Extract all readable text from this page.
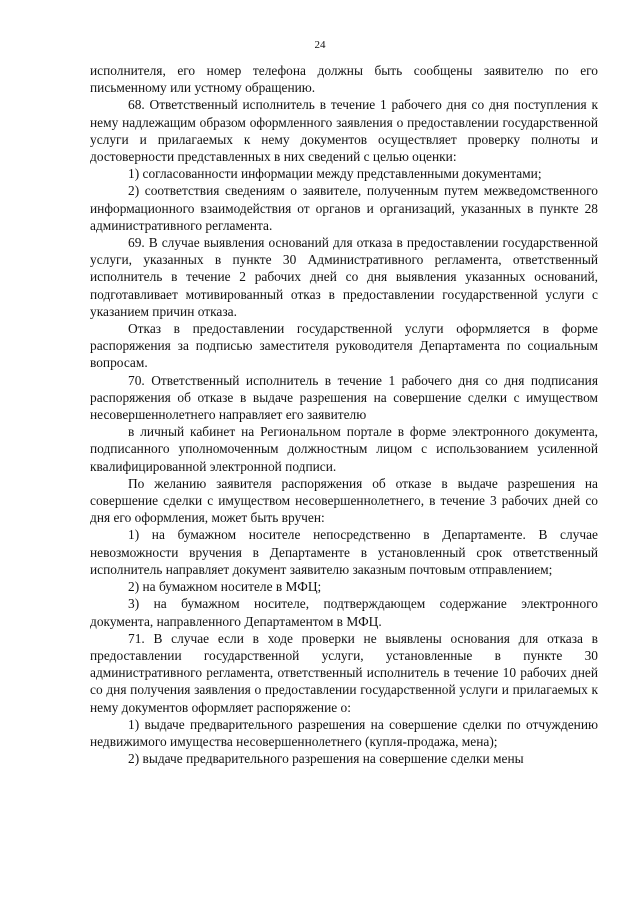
24

исполнителя, его номер телефона должны быть сообщены заявителю по его письменному или устному обращению.

68. Ответственный исполнитель в течение 1 рабочего дня со дня поступления к нему надлежащим образом оформленного заявления о предоставлении государственной услуги и прилагаемых к нему документов осуществляет проверку полноты и достоверности представленных в них сведений с целью оценки:

1) согласованности информации между представленными документами;

2) соответствия сведениям о заявителе, полученным путем межведомственного информационного взаимодействия от органов и организаций, указанных в пункте 28 административного регламента.

69. В случае выявления оснований для отказа в предоставлении государственной услуги, указанных в пункте 30 Административного регламента, ответственный исполнитель в течение 2 рабочих дней со дня выявления указанных оснований, подготавливает мотивированный отказ в предоставлении государственной услуги с указанием причин отказа.

Отказ в предоставлении государственной услуги оформляется в форме распоряжения за подписью заместителя руководителя Департамента по социальным вопросам.

70. Ответственный исполнитель в течение 1 рабочего дня со дня подписания распоряжения об отказе в выдаче разрешения на совершение сделки с имуществом несовершеннолетнего направляет его заявителю

в личный кабинет на Региональном портале в форме электронного документа, подписанного уполномоченным должностным лицом с использованием усиленной квалифицированной электронной подписи.

По желанию заявителя распоряжения об отказе в выдаче разрешения на совершение сделки с имуществом несовершеннолетнего, в течение 3 рабочих дней со дня его оформления, может быть вручен:

1) на бумажном носителе непосредственно в Департаменте. В случае невозможности вручения в Департаменте в установленный срок ответственный исполнитель направляет документ заявителю заказным почтовым отправлением;

2) на бумажном носителе в МФЦ;

3) на бумажном носителе, подтверждающем содержание электронного документа, направленного Департаментом в МФЦ.

71. В случае если в ходе проверки не выявлены основания для отказа в предоставлении государственной услуги, установленные в пункте 30 административного регламента, ответственный исполнитель в течение 10 рабочих дней со дня получения заявления о предоставлении государственной услуги и прилагаемых к нему документов оформляет распоряжение о:

1) выдаче предварительного разрешения на совершение сделки по отчуждению недвижимого имущества несовершеннолетнего (купля-продажа, мена);

2) выдаче предварительного разрешения на совершение сделки мены
